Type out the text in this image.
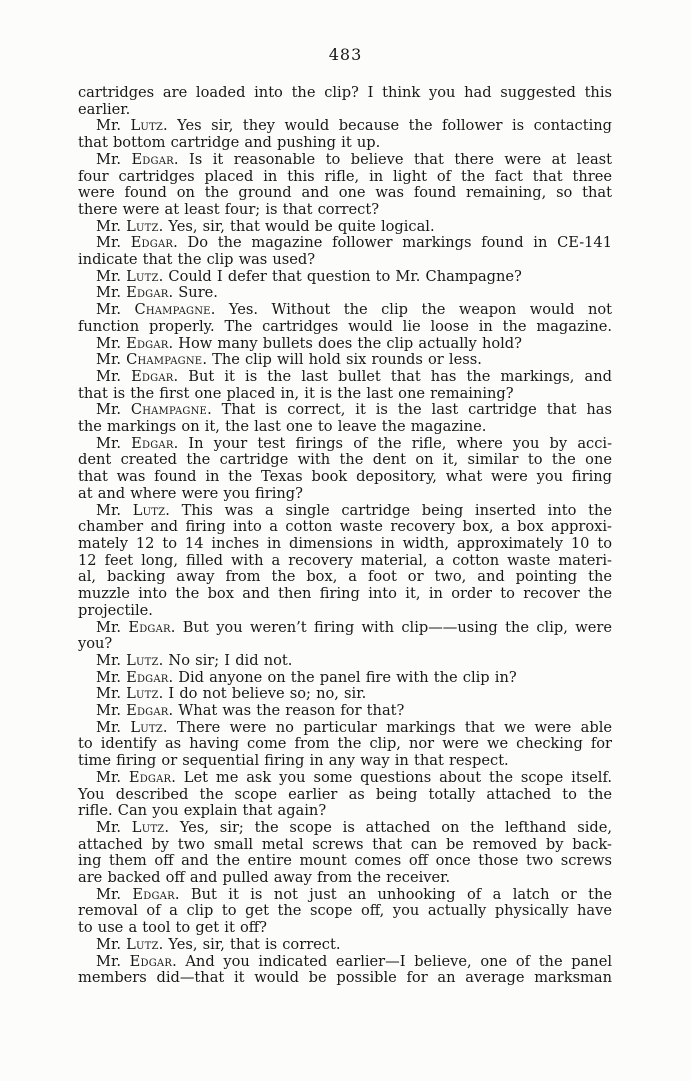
483
cartridges are loaded into the clip? I think you had suggested this
earlier.
Mr. Lutz. Yes sir, they would because the follower is contacting
that bottom cartridge and pushing it up.
Mr. Edgar. Is it reasonable to believe that there were at least
four cartridges placed in this rifle, in light of the fact that three
were found on the ground and one was found remaining, so that
there were at least four; is that correct?
Mr. Lutz. Yes, sir, that would be quite logical.
Mr. Edgar. Do the magazine follower markings found in CE-141
indicate that the clip was used?
Mr. Lutz. Could I defer that question to Mr. Champagne?
Mr. Edgar. Sure.
Mr. Champagne. Yes. Without the clip the weapon would not
function properly. The cartridges would lie loose in the magazine.
Mr. Edgar. How many bullets does the clip actually hold?
Mr. Champagne. The clip will hold six rounds or less.
Mr. Edgar. But it is the last bullet that has the markings, and
that is the first one placed in, it is the last one remaining?
Mr. Champagne. That is correct, it is the last cartridge that has
the markings on it, the last one to leave the magazine.
Mr. Edgar. In your test firings of the rifle, where you by acci-
dent created the cartridge with the dent on it, similar to the one
that was found in the Texas book depository, what were you firing
at and where were you firing?
Mr. Lutz. This was a single cartridge being inserted into the
chamber and firing into a cotton waste recovery box, a box approxi-
mately 12 to 14 inches in dimensions in width, approximately 10 to
12 feet long, filled with a recovery material, a cotton waste materi-
al, backing away from the box, a foot or two, and pointing the
muzzle into the box and then firing into it, in order to recover the
projectile.
Mr. Edgar. But you weren’t firing with clip——using the clip, were
you?
Mr. Lutz. No sir; I did not.
Mr. Edgar. Did anyone on the panel fire with the clip in?
Mr. Lutz. I do not believe so; no, sir.
Mr. Edgar. What was the reason for that?
Mr. Lutz. There were no particular markings that we were able
to identify as having come from the clip, nor were we checking for
time firing or sequential firing in any way in that respect.
Mr. Edgar. Let me ask you some questions about the scope itself.
You described the scope earlier as being totally attached to the
rifle. Can you explain that again?
Mr. Lutz. Yes, sir; the scope is attached on the lefthand side,
attached by two small metal screws that can be removed by back-
ing them off and the entire mount comes off once those two screws
are backed off and pulled away from the receiver.
Mr. Edgar. But it is not just an unhooking of a latch or the
removal of a clip to get the scope off, you actually physically have
to use a tool to get it off?
Mr. Lutz. Yes, sir, that is correct.
Mr. Edgar. And you indicated earlier—I believe, one of the panel
members did—that it would be possible for an average marksman
